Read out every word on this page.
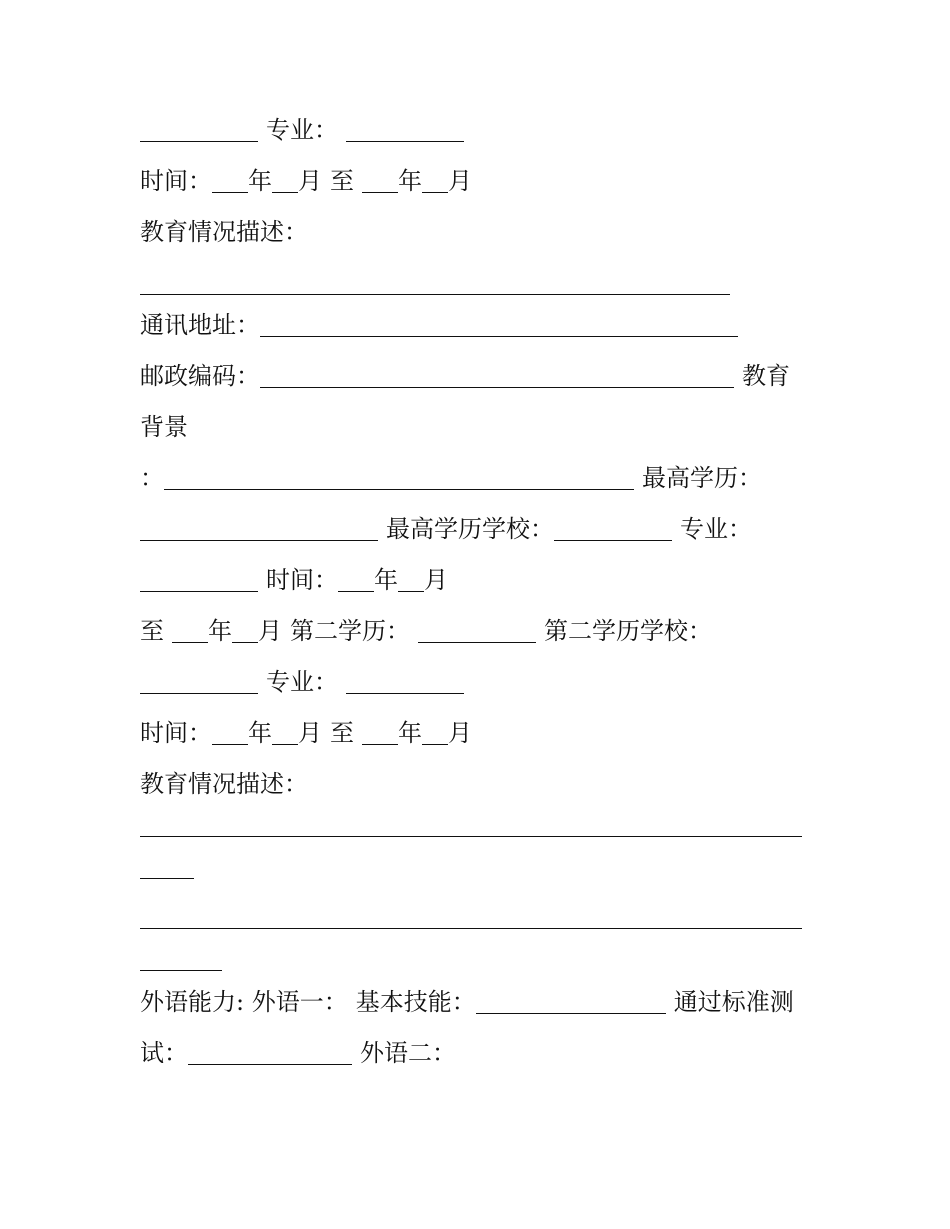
专业：
时间： 年 月 至 年 月
教育情况描述：
通讯地址：
邮政编码：	教育
背景
：	最高学历：
最高学历学校：	专业：
时间： 年 月
至 年 月 第二学历：	第二学历学校：
专业：
时间： 年 月 至 年 月
教育情况描述：
外语能力: 外语一： 基本技能：	通过标准测
试：	外语二：
